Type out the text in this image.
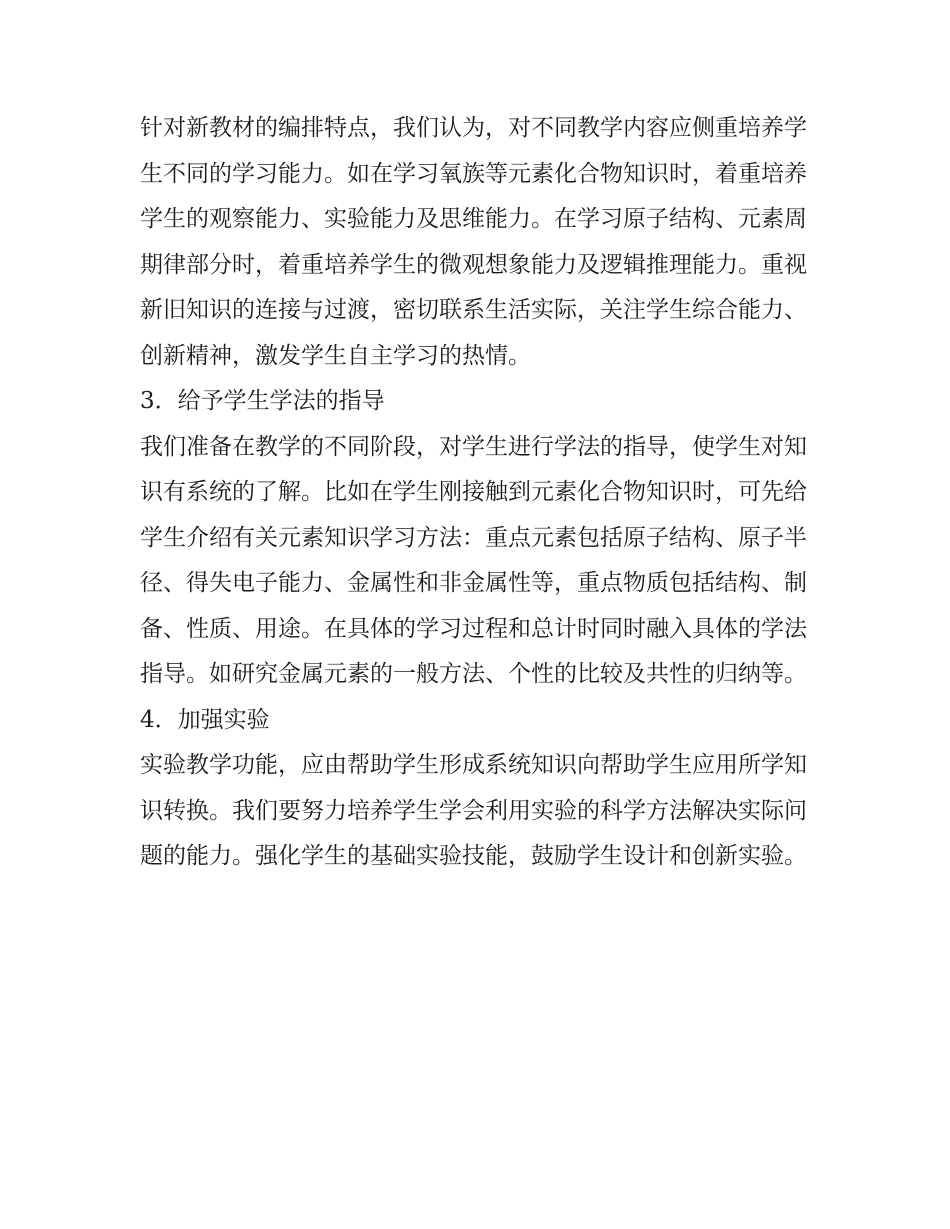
针对新教材的编排特点，我们认为，对不同教学内容应侧重培养学生不同的学习能力。如在学习氧族等元素化合物知识时，着重培养学生的观察能力、实验能力及思维能力。在学习原子结构、元素周期律部分时，着重培养学生的微观想象能力及逻辑推理能力。重视新旧知识的连接与过渡，密切联系生活实际，关注学生综合能力、创新精神，激发学生自主学习的热情。

3．给予学生学法的指导

我们准备在教学的不同阶段，对学生进行学法的指导，使学生对知识有系统的了解。比如在学生刚接触到元素化合物知识时，可先给学生介绍有关元素知识学习方法：重点元素包括原子结构、原子半径、得失电子能力、金属性和非金属性等，重点物质包括结构、制备、性质、用途。在具体的学习过程和总计时同时融入具体的学法指导。如研究金属元素的一般方法、个性的比较及共性的归纳等。

4．加强实验

实验教学功能，应由帮助学生形成系统知识向帮助学生应用所学知识转换。我们要努力培养学生学会利用实验的科学方法解决实际问题的能力。强化学生的基础实验技能，鼓励学生设计和创新实验。
